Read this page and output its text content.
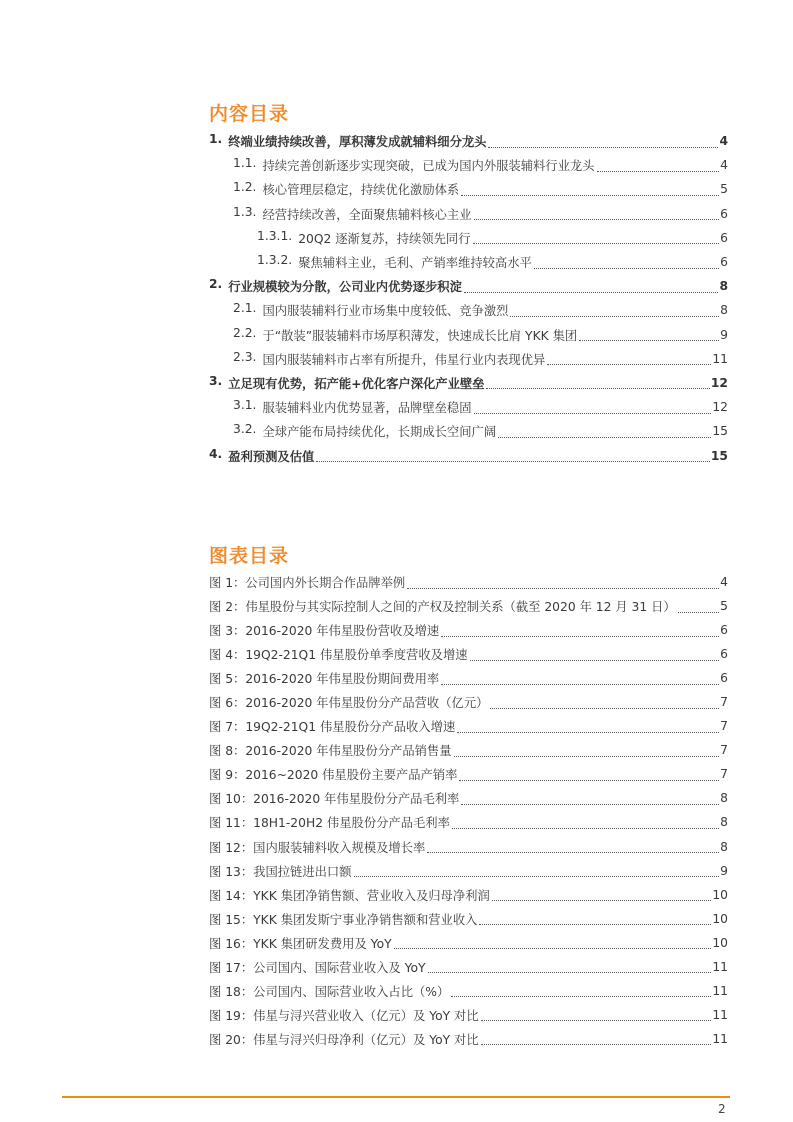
内容目录
1. 终端业绩持续改善，厚积薄发成就辅料细分龙头	4
1.1. 持续完善创新逐步实现突破，已成为国内外服装辅料行业龙头	4
1.2. 核心管理层稳定，持续优化激励体系	5
1.3. 经营持续改善，全面聚焦辅料核心主业	6
1.3.1. 20Q2 逐渐复苏，持续领先同行	6
1.3.2. 聚焦辅料主业，毛利、产销率维持较高水平	6
2. 行业规模较为分散，公司业内优势逐步积淀	8
2.1. 国内服装辅料行业市场集中度较低、竞争激烈	8
2.2. 于“散装”服装辅料市场厚积薄发，快速成长比肩 YKK 集团	9
2.3. 国内服装辅料市占率有所提升，伟星行业内表现优异	11
3. 立足现有优势，拓产能+优化客户深化产业壁垒	12
3.1. 服装辅料业内优势显著，品牌壁垒稳固	12
3.2. 全球产能布局持续优化，长期成长空间广阔	15
4. 盈利预测及估值	15
图表目录
图 1：公司国内外长期合作品牌举例	4
图 2：伟星股份与其实际控制人之间的产权及控制关系（截至 2020 年 12 月 31 日）	5
图 3：2016-2020 年伟星股份营收及增速	6
图 4：19Q2-21Q1 伟星股份单季度营收及增速	6
图 5：2016-2020 年伟星股份期间费用率	6
图 6：2016-2020 年伟星股份分产品营收（亿元）	7
图 7：19Q2-21Q1 伟星股份分产品收入增速	7
图 8：2016-2020 年伟星股份分产品销售量	7
图 9：2016~2020 伟星股份主要产品产销率	7
图 10：2016-2020 年伟星股份分产品毛利率	8
图 11：18H1-20H2 伟星股份分产品毛利率	8
图 12：国内服装辅料收入规模及增长率	8
图 13：我国拉链进出口额	9
图 14：YKK 集团净销售额、营业收入及归母净利润	10
图 15：YKK 集团发斯宁事业净销售额和营业收入	10
图 16：YKK 集团研发费用及 YoY	10
图 17：公司国内、国际营业收入及 YoY	11
图 18：公司国内、国际营业收入占比（%）	11
图 19：伟星与浔兴营业收入（亿元）及 YoY 对比	11
图 20：伟星与浔兴归母净利（亿元）及 YoY 对比	11
2
